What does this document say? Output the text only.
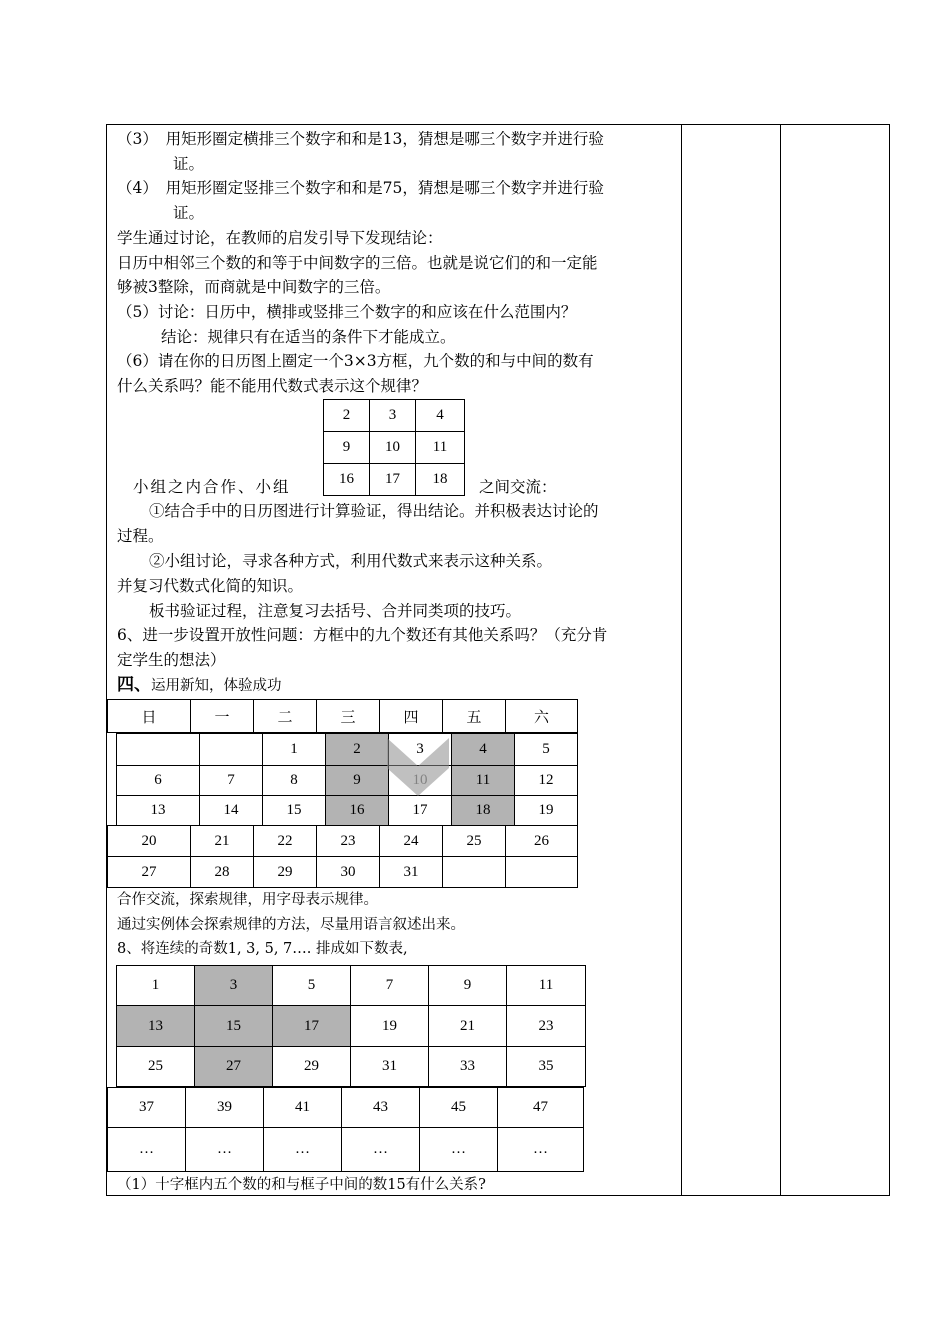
（3）　用矩形圈定横排三个数字和和是13，猜想是哪三个数字并进行验
证。
（4）　用矩形圈定竖排三个数字和和是75，猜想是哪三个数字并进行验
证。
学生通过讨论，在教师的启发引导下发现结论：
日历中相邻三个数的和等于中间数字的三倍。也就是说它们的和一定能
够被3整除，而商就是中间数字的三倍。
（5）讨论：日历中，横排或竖排三个数字的和应该在什么范围内？
结论：规律只有在适当的条件下才能成立。
（6）请在你的日历图上圈定一个3×3方框，九个数的和与中间的数有
什么关系吗？能不能用代数式表示这个规律？
2	3	4
9	10	11
16	17	18
小组之内合作、小组	之间交流：
①结合手中的日历图进行计算验证，得出结论。并积极表达讨论的
过程。
②小组讨论，寻求各种方式，利用代数式来表示这种关系。
并复习代数式化简的知识。
板书验证过程，注意复习去括号、合并同类项的技巧。
6、进一步设置开放性问题：方框中的九个数还有其他关系吗？（充分肯
定学生的想法）
四、运用新知，体验成功
日	一	二	三	四	五	六
		1	2	3	4	5
6	7	8	9		11	12
13	14	15	16	17	18	19
20	21	22	23	24	25	26
27	28	29	30	31		
合作交流，探索规律，用字母表示规律。
通过实例体会探索规律的方法，尽量用语言叙述出来。
8、将连续的奇数1, 3, 5, 7…. 排成如下数表,
1	3	5	7	9	11
13	15	17	19	21	23
25	27	29	31	33	35
37	39	41	43	45	47
…	…	…	…	…	…
（1）十字框内五个数的和与框子中间的数15有什么关系?
